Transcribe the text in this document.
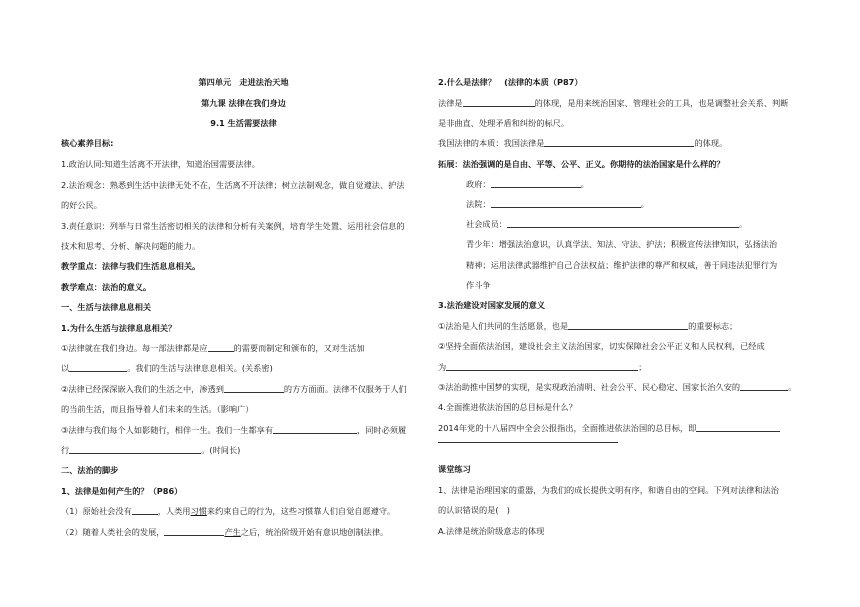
第四单元　走进法治天地
第九课 法律在我们身边
9.1 生活需要法律
核心素养目标:
1.政治认同:知道生活离不开法律，知道治国需要法律。
2.法治观念：熟悉到生活中法律无处不在，生活离不开法律；树立法制观念，做自觉遵法、护法
的好公民。
3.责任意识：列举与日常生活密切相关的法律和分析有关案例，培育学生处置、运用社会信息的
技术和思考、分析、解决问题的能力。
教学重点：法律与我们生活息息相关。
教学难点：法治的意义。
一、生活与法律息息相关
1.为什么生活与法律息息相关？
①法律就在我们身边。每一部法律都是应	的需要而制定和颁布的，又对生活加
以	。我们的生活与法律息息相关。(关系密)
②法律已经深深嵌入我们的生活之中，渗透到	的方方面面。法律不仅服务于人们
的当前生活，而且指导着人们未来的生活。（影响广）
③法律与我们每个人如影随行，相伴一生。我们一生都享有	，同时必须履
行	。(时间长)
二、法治的脚步
1、法律是如何产生的？（P86）
（1）原始社会没有	，人类用习惯来约束自己的行为，这些习惯靠人们自觉自愿遵守。
（2）随着人类社会的发展，	产生之后，统治阶级开始有意识地创制法律。
2.什么是法律？　(法律的本质（P87）
法律是	的体现，是用来统治国家、管理社会的工具，也是调整社会关系、判断
是非曲直、处理矛盾和纠纷的标尺。
我国法律的本质：我国法律是	的体现。
拓展：法治强调的是自由、平等、公平、正义。你期待的法治国家是什么样的？
政府：	。
法院：	。
社会成员：	。
青少年：增强法治意识，认真学法、知法、守法、护法；积极宣传法律知识，弘扬法治
精神；运用法律武器维护自己合法权益；维护法律的尊严和权威，善于同违法犯罪行为
作斗争
3.法治建设对国家发展的意义
①法治是人们共同的生活愿景，也是	的重要标志；
②坚持全面依法治国，建设社会主义法治国家，切实保障社会公平正义和人民权利，已经成
为	；
③法治助推中国梦的实现，是实现政治清明、社会公平、民心稳定、国家长治久安的	。
4.全面推进依法治国的总目标是什么？
2014年党的十八届四中全会公报指出，全面推进依法治国的总目标，即
课堂练习
1、法律是治理国家的重器，为我们的成长提供文明有序，和谐自由的空间。下列对法律和法治
的认识错误的是(　)
A.法律是统治阶级意志的体现
